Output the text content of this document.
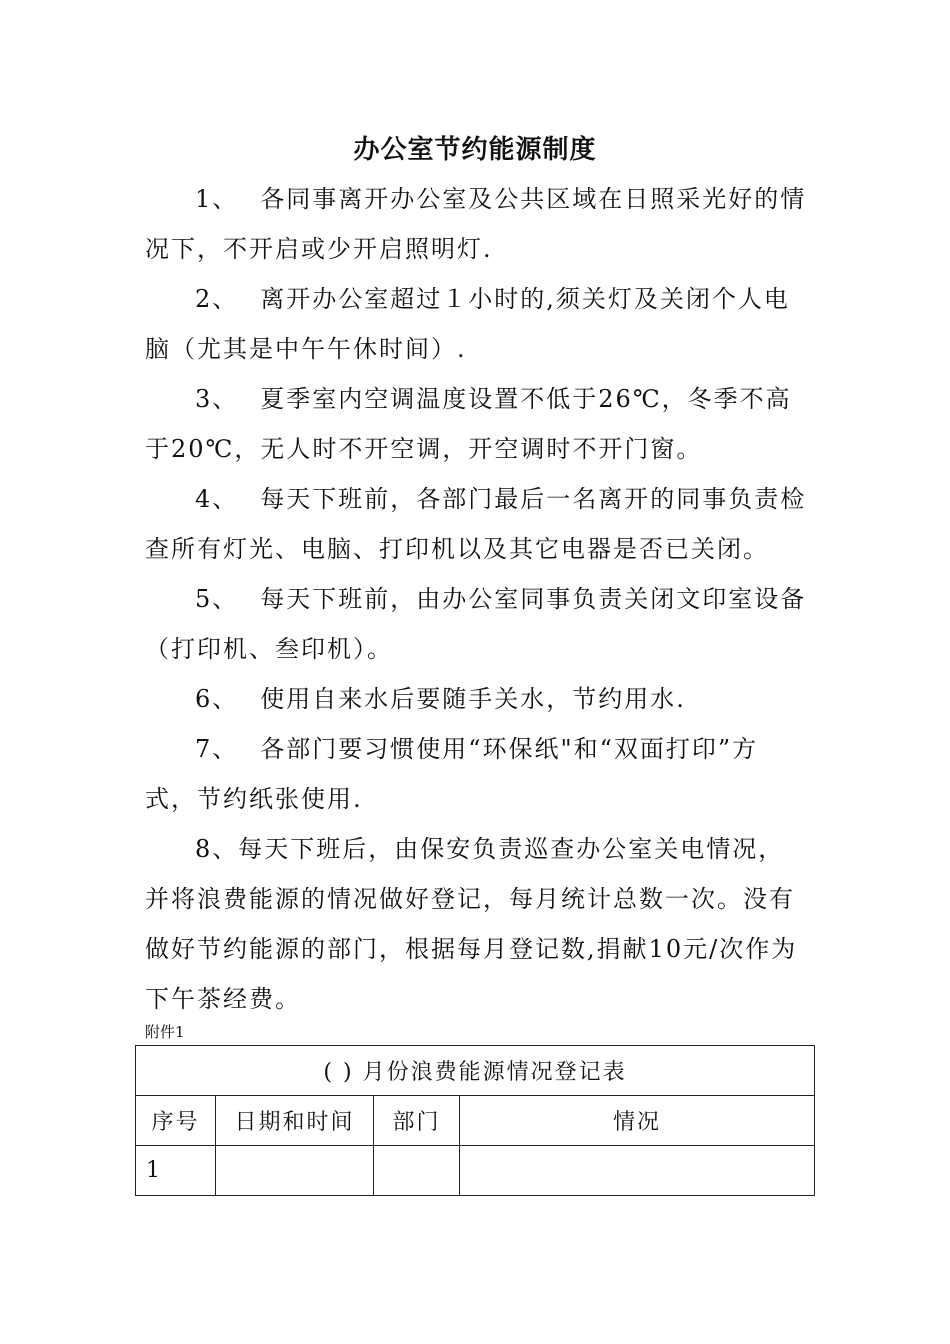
办公室节约能源制度

1、 各同事离开办公室及公共区域在日照采光好的情况下，不开启或少开启照明灯.

2、 离开办公室超过１小时的,须关灯及关闭个人电脑（尤其是中午午休时间）.

3、 夏季室内空调温度设置不低于26℃，冬季不高于20℃，无人时不开空调，开空调时不开门窗。

4、 每天下班前，各部门最后一名离开的同事负责检查所有灯光、电脑、打印机以及其它电器是否已关闭。

5、 每天下班前，由办公室同事负责关闭文印室设备（打印机、叁印机）。

6、 使用自来水后要随手关水，节约用水.

7、 各部门要习惯使用“环保纸"和“双面打印”方式，节约纸张使用.

8、每天下班后，由保安负责巡查办公室关电情况，并将浪费能源的情况做好登记，每月统计总数一次。没有做好节约能源的部门，根据每月登记数,捐献10元/次作为下午茶经费。

附件1
( ) 月份浪费能源情况登记表			
序号	日期和时间	部门	情况
1			
